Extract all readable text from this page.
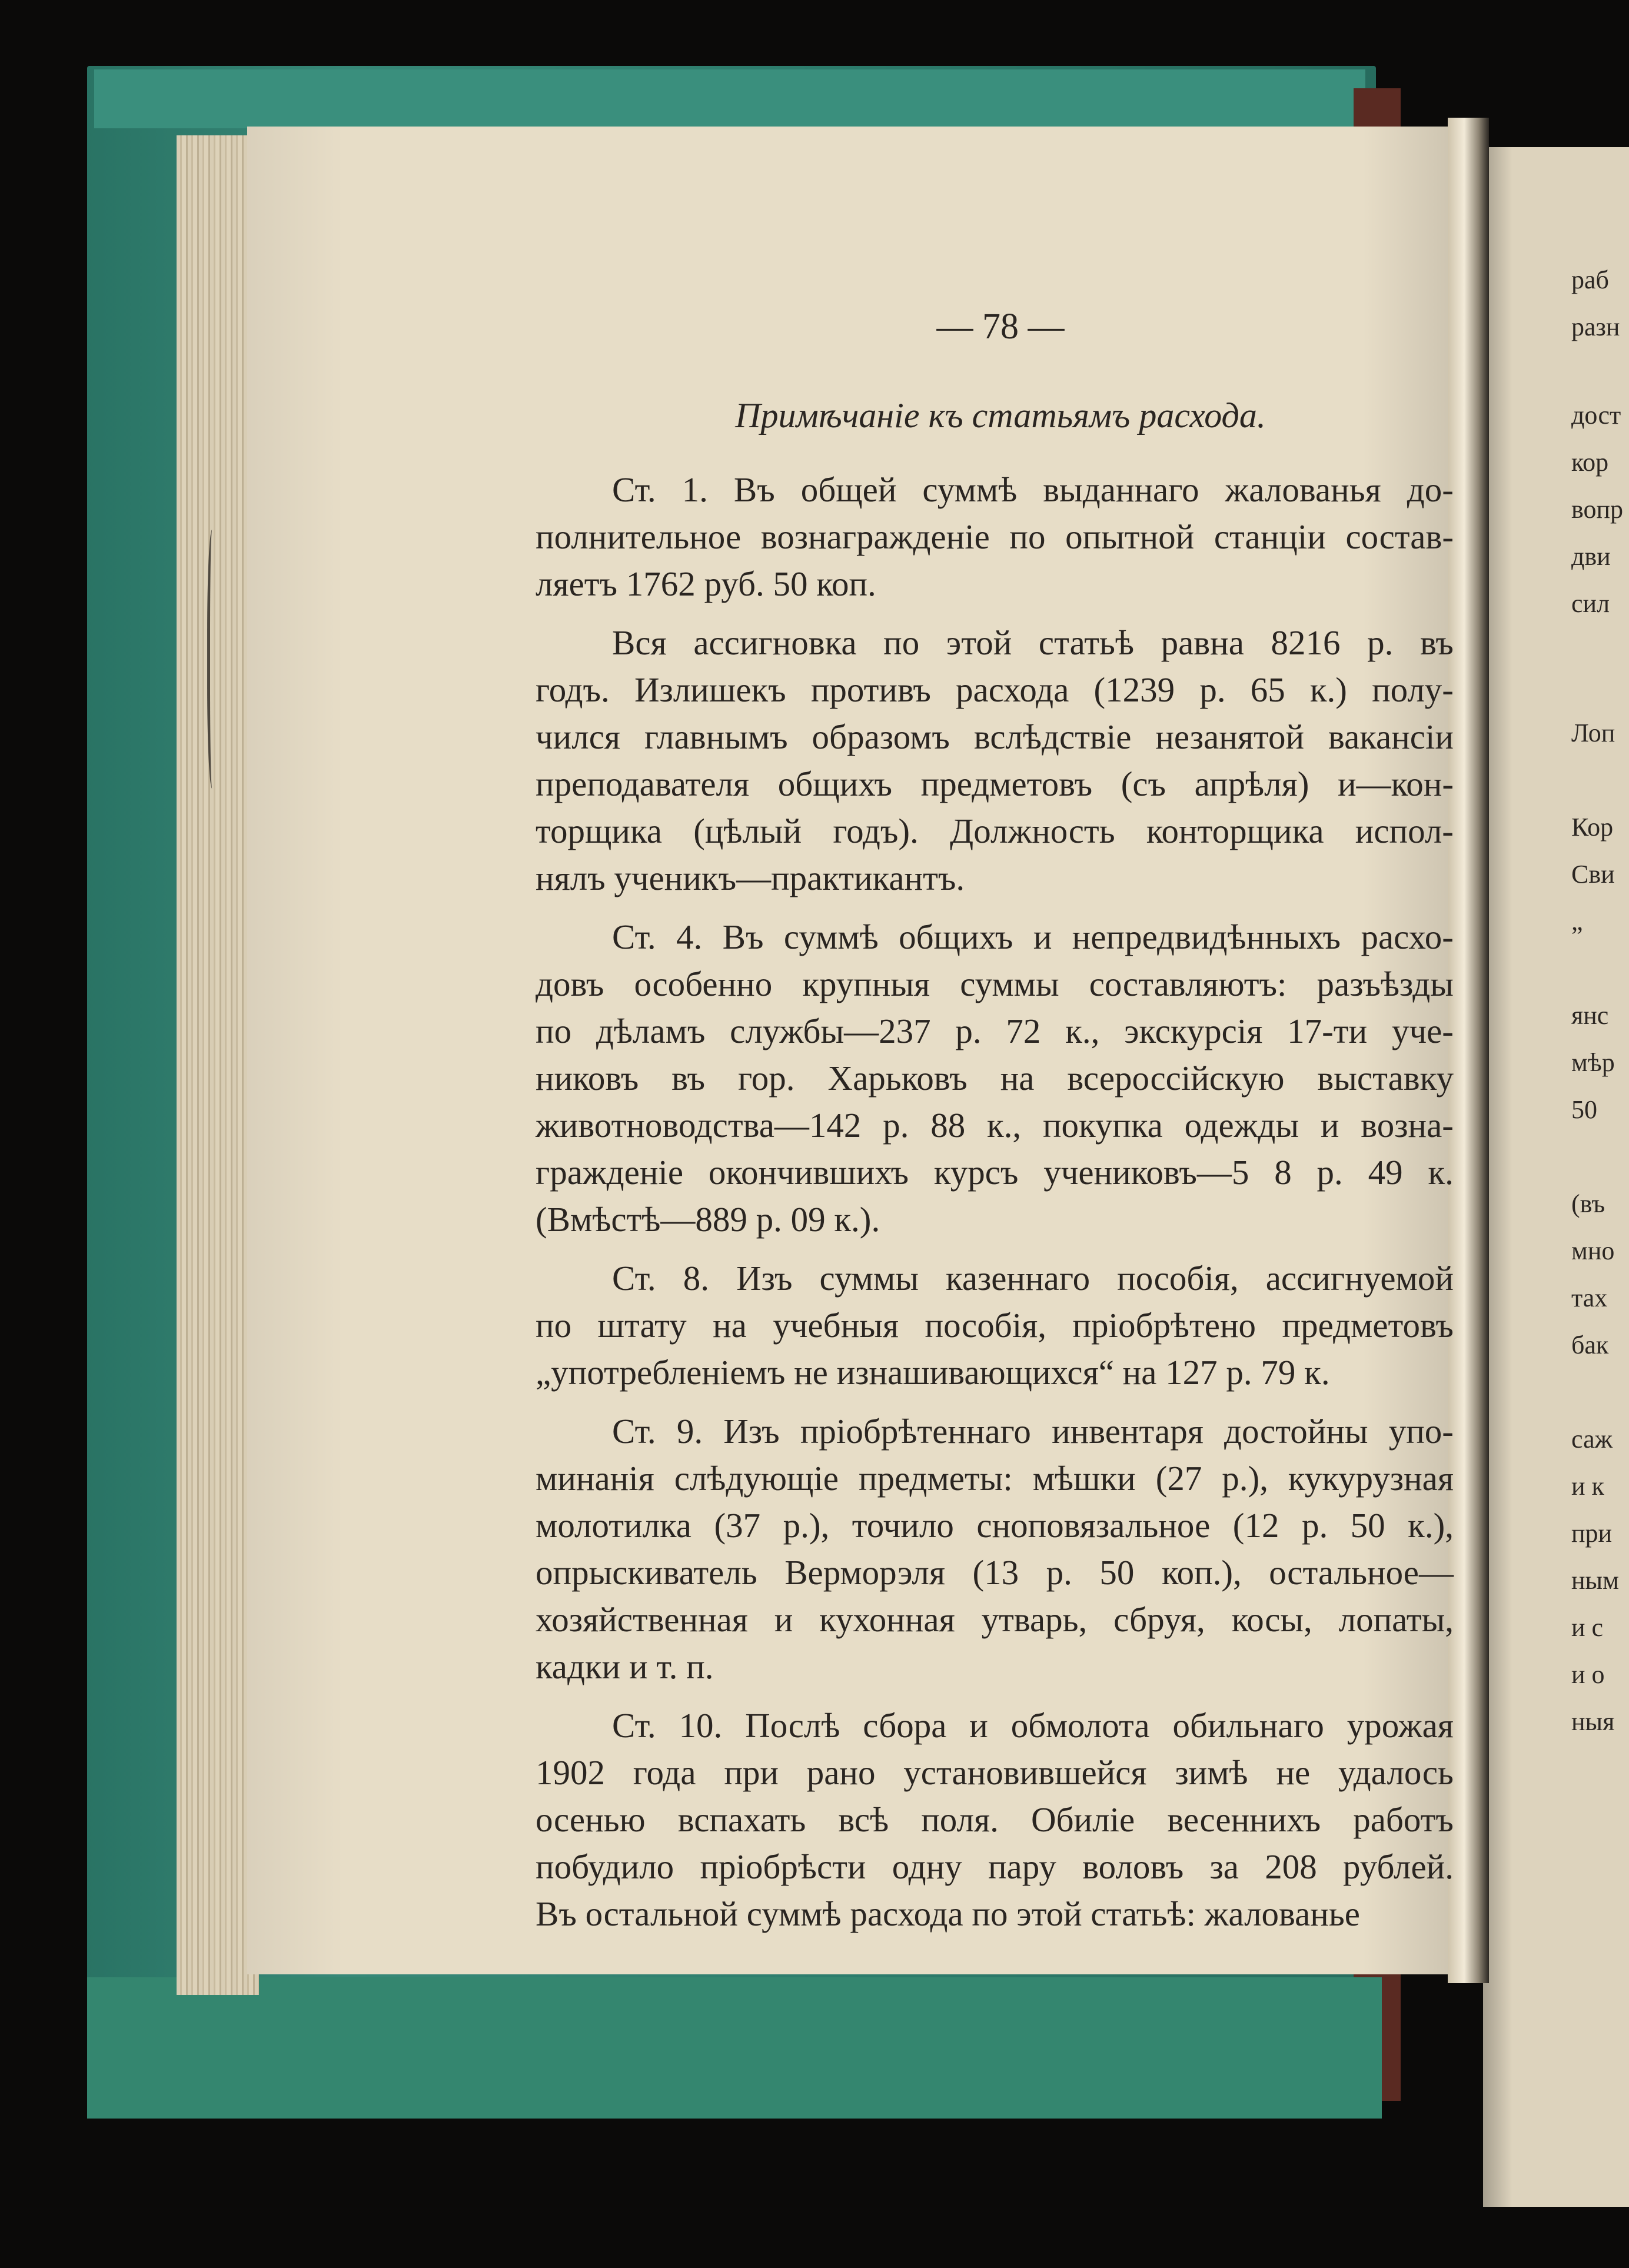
раб
разн
дост
кор
вопр
дви
сил
Лоп
Кор
Сви
„
янс
мѣр
50
(въ
мно
тах
бак
саж
и к
при
ным
и с
и о
ныя
— 78 —
Примѣчаніе къ статьямъ расхода.
Ст. 1. Въ общей суммѣ выданнаго жалованья до-
полнительное вознагражденіе по опытной станціи состав-
ляетъ 1762 руб. 50 коп.
Вся ассигновка по этой статьѣ равна 8216 р. въ
годъ. Излишекъ противъ расхода (1239 р. 65 к.) полу-
чился главнымъ образомъ вслѣдствіе незанятой вакансіи
преподавателя общихъ предметовъ (съ апрѣля) и—кон-
торщика (цѣлый годъ). Должность конторщика испол-
нялъ ученикъ—практикантъ.
Ст. 4. Въ суммѣ общихъ и непредвидѣнныхъ расхо-
довъ особенно крупныя суммы составляютъ: разъѣзды
по дѣламъ службы—237 р. 72 к., экскурсія 17-ти уче-
никовъ въ гор. Харьковъ на всероссійскую выставку
животноводства—142 р. 88 к., покупка одежды и возна-
гражденіе окончившихъ курсъ учениковъ—5 8 р. 49 к.
(Вмѣстѣ—889 р. 09 к.).
Ст. 8. Изъ суммы казеннаго пособія, ассигнуемой
по штату на учебныя пособія, пріобрѣтено предметовъ
„употребленіемъ не изнашивающихся“ на 127 р. 79 к.
Ст. 9. Изъ пріобрѣтеннаго инвентаря достойны упо-
минанія слѣдующіе предметы: мѣшки (27 р.), кукурузная
молотилка (37 р.), точило сноповязальное (12 р. 50 к.),
опрыскиватель Верморэля (13 р. 50 коп.), остальное—
хозяйственная и кухонная утварь, сбруя, косы, лопаты,
кадки и т. п.
Ст. 10. Послѣ сбора и обмолота обильнаго урожая
1902 года при рано установившейся зимѣ не удалось
осенью вспахать всѣ поля. Обиліе весеннихъ работъ
побудило пріобрѣсти одну пару воловъ за 208 рублей.
Въ остальной суммѣ расхода по этой статьѣ: жалованье
